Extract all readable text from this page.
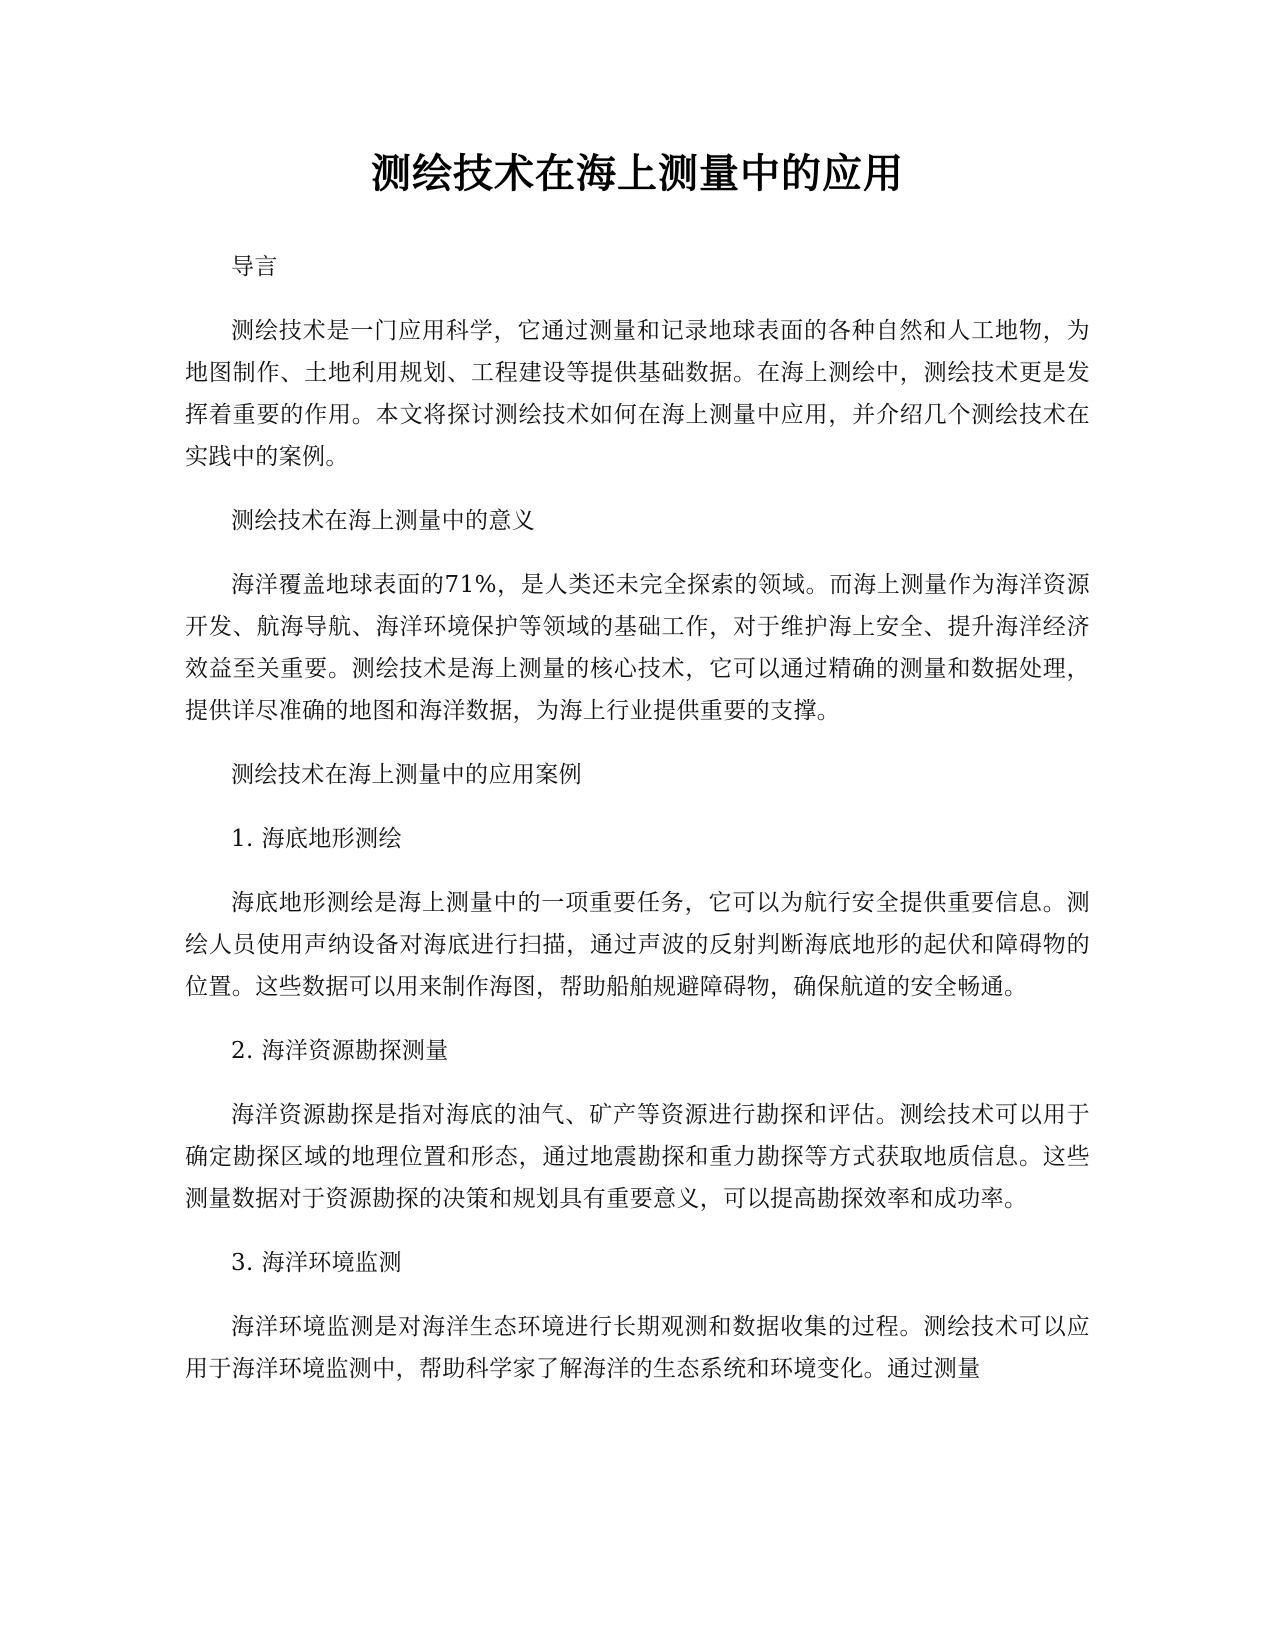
测绘技术在海上测量中的应用

导言

测绘技术是一门应用科学，它通过测量和记录地球表面的各种自然和人工地物，为地图制作、土地利用规划、工程建设等提供基础数据。在海上测绘中，测绘技术更是发挥着重要的作用。本文将探讨测绘技术如何在海上测量中应用，并介绍几个测绘技术在实践中的案例。

测绘技术在海上测量中的意义

海洋覆盖地球表面的71%，是人类还未完全探索的领域。而海上测量作为海洋资源开发、航海导航、海洋环境保护等领域的基础工作，对于维护海上安全、提升海洋经济效益至关重要。测绘技术是海上测量的核心技术，它可以通过精确的测量和数据处理，提供详尽准确的地图和海洋数据，为海上行业提供重要的支撑。

测绘技术在海上测量中的应用案例

1. 海底地形测绘

海底地形测绘是海上测量中的一项重要任务，它可以为航行安全提供重要信息。测绘人员使用声纳设备对海底进行扫描，通过声波的反射判断海底地形的起伏和障碍物的位置。这些数据可以用来制作海图，帮助船舶规避障碍物，确保航道的安全畅通。

2. 海洋资源勘探测量

海洋资源勘探是指对海底的油气、矿产等资源进行勘探和评估。测绘技术可以用于确定勘探区域的地理位置和形态，通过地震勘探和重力勘探等方式获取地质信息。这些测量数据对于资源勘探的决策和规划具有重要意义，可以提高勘探效率和成功率。

3. 海洋环境监测

海洋环境监测是对海洋生态环境进行长期观测和数据收集的过程。测绘技术可以应用于海洋环境监测中，帮助科学家了解海洋的生态系统和环境变化。通过测量
